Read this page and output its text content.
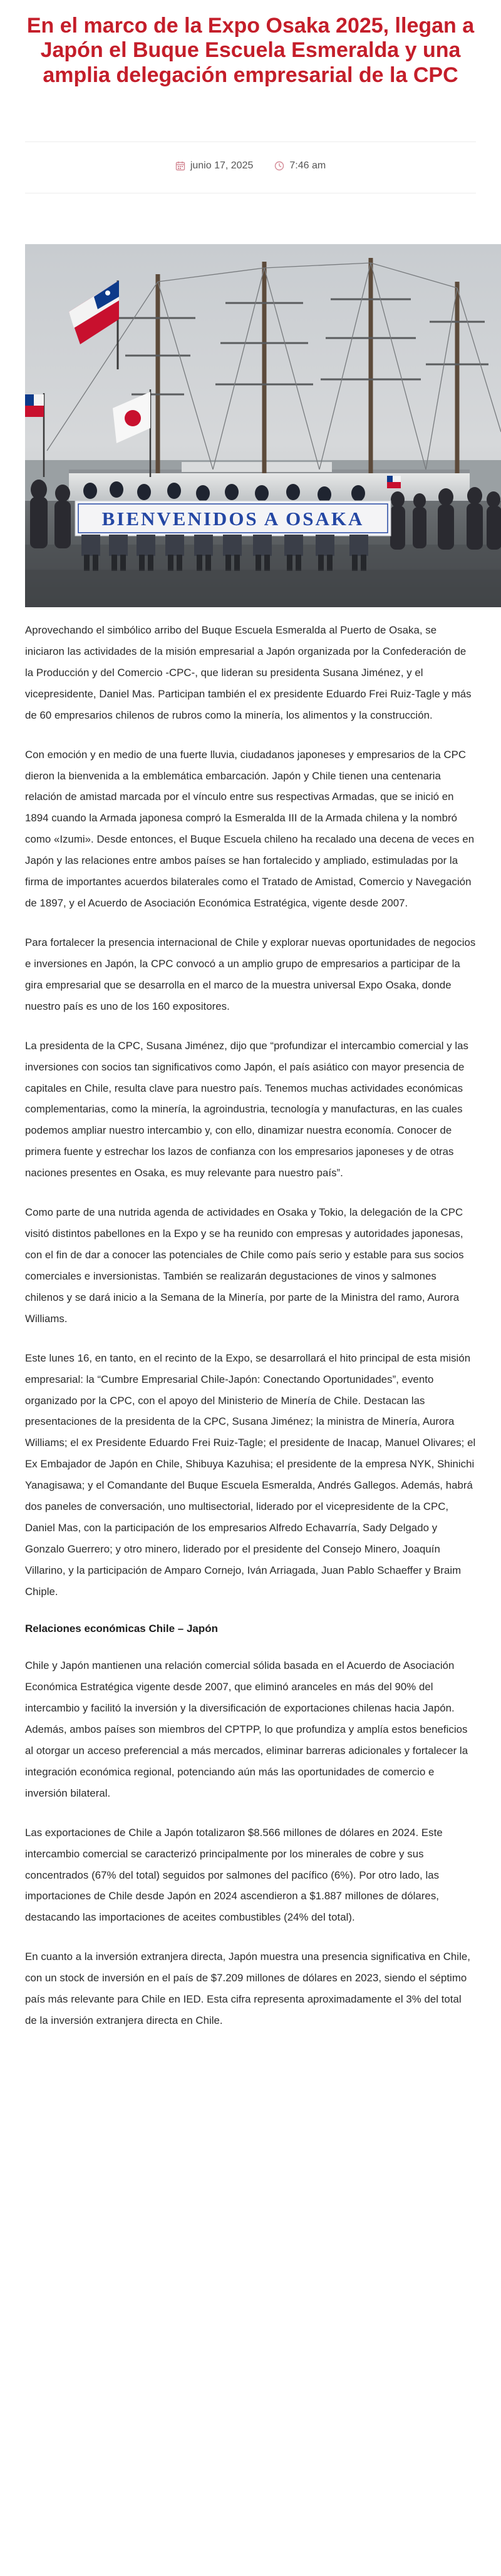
En el marco de la Expo Osaka 2025, llegan a Japón el Buque Escuela Esmeralda y una amplia delegación empresarial de la CPC
junio 17, 2025	7:46 am
BIENVENIDOS A OSAKA

Aprovechando el simbólico arribo del Buque Escuela Esmeralda al Puerto de Osaka, se iniciaron las actividades de la misión empresarial a Japón organizada por la Confederación de la Producción y del Comercio -CPC-, que lideran su presidenta Susana Jiménez, y el vicepresidente, Daniel Mas. Participan también el ex presidente Eduardo Frei Ruiz-Tagle y más de 60 empresarios chilenos de rubros como la minería, los alimentos y la construcción.

Con emoción y en medio de una fuerte lluvia, ciudadanos japoneses y empresarios de la CPC dieron la bienvenida a la emblemática embarcación. Japón y Chile tienen una centenaria relación de amistad marcada por el vínculo entre sus respectivas Armadas, que se inició en 1894 cuando la Armada japonesa compró la Esmeralda III de la Armada chilena y la nombró como «Izumi». Desde entonces, el Buque Escuela chileno ha recalado una decena de veces en Japón y las relaciones entre ambos países se han fortalecido y ampliado, estimuladas por la firma de importantes acuerdos bilaterales como el Tratado de Amistad, Comercio y Navegación de 1897, y el Acuerdo de Asociación Económica Estratégica, vigente desde 2007.

Para fortalecer la presencia internacional de Chile y explorar nuevas oportunidades de negocios e inversiones en Japón, la CPC convocó a un amplio grupo de empresarios a participar de la gira empresarial que se desarrolla en el marco de la muestra universal Expo Osaka, donde nuestro país es uno de los 160 expositores.

La presidenta de la CPC, Susana Jiménez, dijo que “profundizar el intercambio comercial y las inversiones con socios tan significativos como Japón, el país asiático con mayor presencia de capitales en Chile, resulta clave para nuestro país. Tenemos muchas actividades económicas complementarias, como la minería, la agroindustria, tecnología y manufacturas, en las cuales podemos ampliar nuestro intercambio y, con ello, dinamizar nuestra economía. Conocer de primera fuente y estrechar los lazos de confianza con los empresarios japoneses y de otras naciones presentes en Osaka, es muy relevante para nuestro país”.

Como parte de una nutrida agenda de actividades en Osaka y Tokio, la delegación de la CPC visitó distintos pabellones en la Expo y se ha reunido con empresas y autoridades japonesas, con el fin de dar a conocer las potenciales de Chile como país serio y estable para sus socios comerciales e inversionistas. También se realizarán degustaciones de vinos y salmones chilenos y se dará inicio a la Semana de la Minería, por parte de la Ministra del ramo, Aurora Williams.

Este lunes 16, en tanto, en el recinto de la Expo, se desarrollará el hito principal de esta misión empresarial: la “Cumbre Empresarial Chile-Japón: Conectando Oportunidades”, evento organizado por la CPC, con el apoyo del Ministerio de Minería de Chile. Destacan las presentaciones de la presidenta de la CPC, Susana Jiménez; la ministra de Minería, Aurora Williams; el ex Presidente Eduardo Frei Ruiz-Tagle; el presidente de Inacap, Manuel Olivares; el Ex Embajador de Japón en Chile, Shibuya Kazuhisa; el presidente de la empresa NYK, Shinichi Yanagisawa; y el Comandante del Buque Escuela Esmeralda, Andrés Gallegos. Además, habrá dos paneles de conversación, uno multisectorial, liderado por el vicepresidente de la CPC, Daniel Mas, con la participación de los empresarios Alfredo Echavarría, Sady Delgado y Gonzalo Guerrero; y otro minero, liderado por el presidente del Consejo Minero, Joaquín Villarino, y la participación de Amparo Cornejo, Iván Arriagada, Juan Pablo Schaeffer y Braim Chiple.

Relaciones económicas Chile – Japón

Chile y Japón mantienen una relación comercial sólida basada en el Acuerdo de Asociación Económica Estratégica vigente desde 2007, que eliminó aranceles en más del 90% del intercambio y facilitó la inversión y la diversificación de exportaciones chilenas hacia Japón. Además, ambos países son miembros del CPTPP, lo que profundiza y amplía estos beneficios al otorgar un acceso preferencial a más mercados, eliminar barreras adicionales y fortalecer la integración económica regional, potenciando aún más las oportunidades de comercio e inversión bilateral.

Las exportaciones de Chile a Japón totalizaron $8.566 millones de dólares en 2024. Este intercambio comercial se caracterizó principalmente por los minerales de cobre y sus concentrados (67% del total) seguidos por salmones del pacífico (6%). Por otro lado, las importaciones de Chile desde Japón en 2024 ascendieron a $1.887 millones de dólares, destacando las importaciones de aceites combustibles (24% del total).

En cuanto a la inversión extranjera directa, Japón muestra una presencia significativa en Chile, con un stock de inversión en el país de $7.209 millones de dólares en 2023, siendo el séptimo país más relevante para Chile en IED. Esta cifra representa aproximadamente el 3% del total de la inversión extranjera directa en Chile.
